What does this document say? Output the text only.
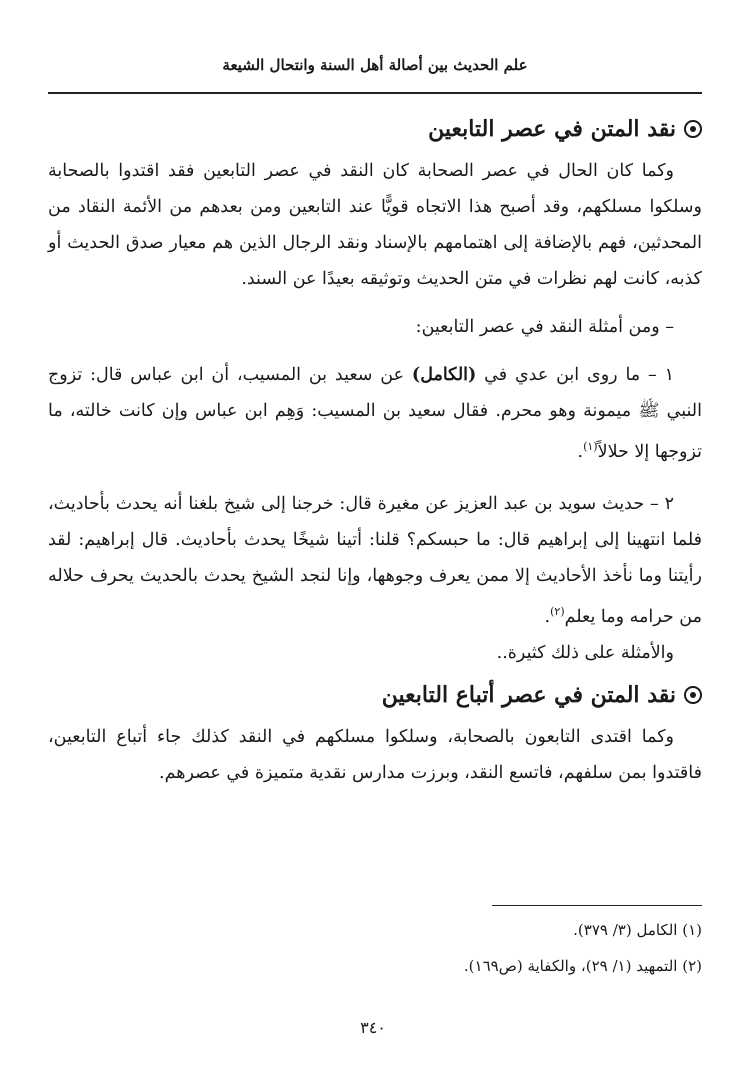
علم الحديث بين أصالة أهل السنة وانتحال الشيعة
نقد المتن في عصر التابعين

وكما كان الحال في عصر الصحابة كان النقد في عصر التابعين فقد اقتدوا بالصحابة وسلكوا مسلكهم، وقد أصبح هذا الاتجاه قويًّا عند التابعين ومن بعدهم من الأئمة النقاد من المحدثين، فهم بالإضافة إلى اهتمامهم بالإسناد ونقد الرجال الذين هم معيار صدق الحديث أو كذبه، كانت لهم نظرات في متن الحديث وتوثيقه بعيدًا عن السند.

– ومن أمثلة النقد في عصر التابعين:

١ – ما روى ابن عدي في (الكامل) عن سعيد بن المسيب، أن ابن عباس قال: تزوج النبي ﷺ ميمونة وهو محرم. فقال سعيد بن المسيب: وَهِم ابن عباس وإن كانت خالته، ما تزوجها إلا حلالاً$^{(١)}$.

٢ – حديث سويد بن عبد العزيز عن مغيرة قال: خرجنا إلى شيخ بلغنا أنه يحدث بأحاديث، فلما انتهينا إلى إبراهيم قال: ما حبسكم؟ قلنا: أتينا شيخًا يحدث بأحاديث. قال إبراهيم: لقد رأيتنا وما نأخذ الأحاديث إلا ممن يعرف وجوهها، وإنا لنجد الشيخ يحدث بالحديث يحرف حلاله من حرامه وما يعلم$^{(٢)}$.

والأمثلة على ذلك كثيرة..

نقد المتن في عصر أتباع التابعين

وكما اقتدى التابعون بالصحابة، وسلكوا مسلكهم في النقد كذلك جاء أتباع التابعين، فاقتدوا بمن سلفهم، فاتسع النقد، وبرزت مدارس نقدية متميزة في عصرهم.

(١) الكامل (٣/ ٣٧٩).
(٢) التمهيد (١/ ٢٩)، والكفاية (ص١٦٩).
٣٤٠
